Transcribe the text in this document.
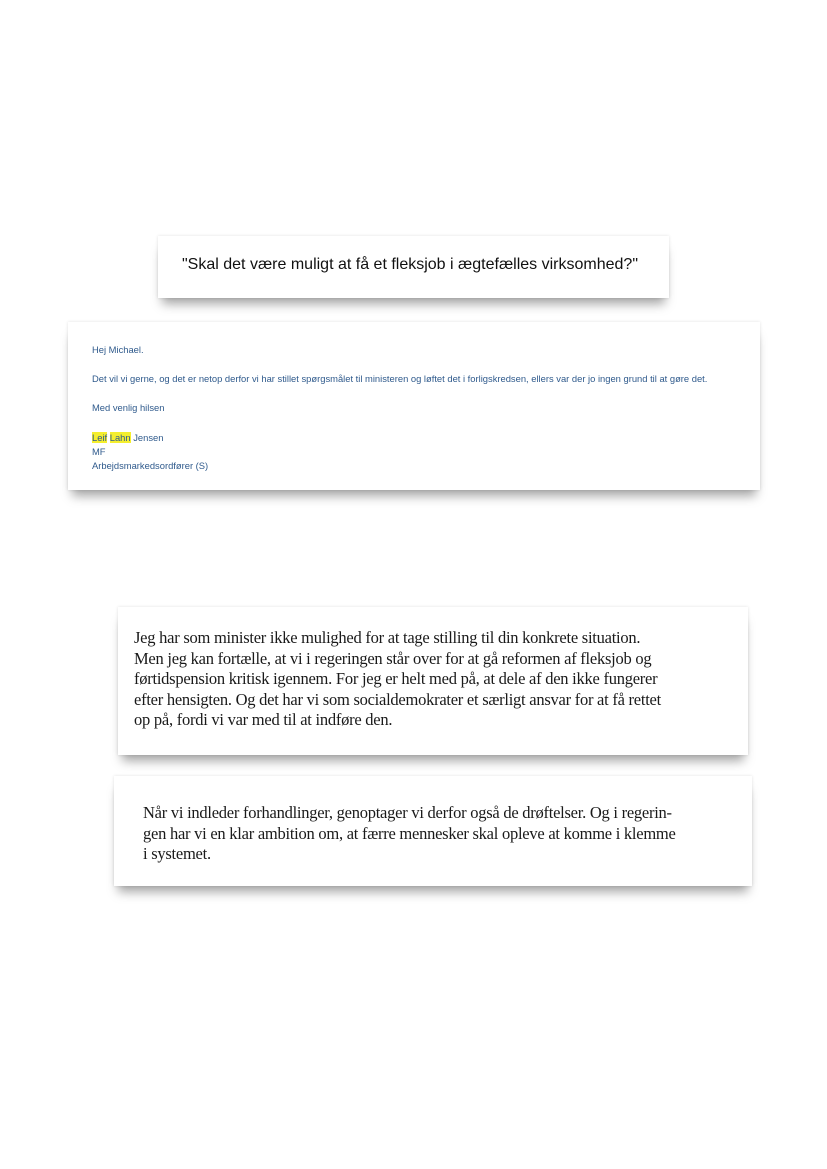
"Skal det være muligt at få et fleksjob i ægtefælles virksomhed?"
Hej Michael.
Det vil vi gerne, og det er netop derfor vi har stillet spørgsmålet til ministeren og løftet det i forligskredsen, ellers var der jo ingen grund til at gøre det.
Med venlig hilsen
Leif Lahn Jensen
MF
Arbejdsmarkedsordfører (S)

Jeg har som minister ikke mulighed for at tage stilling til din konkrete situation.
Men jeg kan fortælle, at vi i regeringen står over for at gå reformen af fleksjob og
førtidspension kritisk igennem. For jeg er helt med på, at dele af den ikke fungerer
efter hensigten. Og det har vi som socialdemokrater et særligt ansvar for at få rettet
op på, fordi vi var med til at indføre den.

Når vi indleder forhandlinger, genoptager vi derfor også de drøftelser. Og i regerin-
gen har vi en klar ambition om, at færre mennesker skal opleve at komme i klemme
i systemet.
